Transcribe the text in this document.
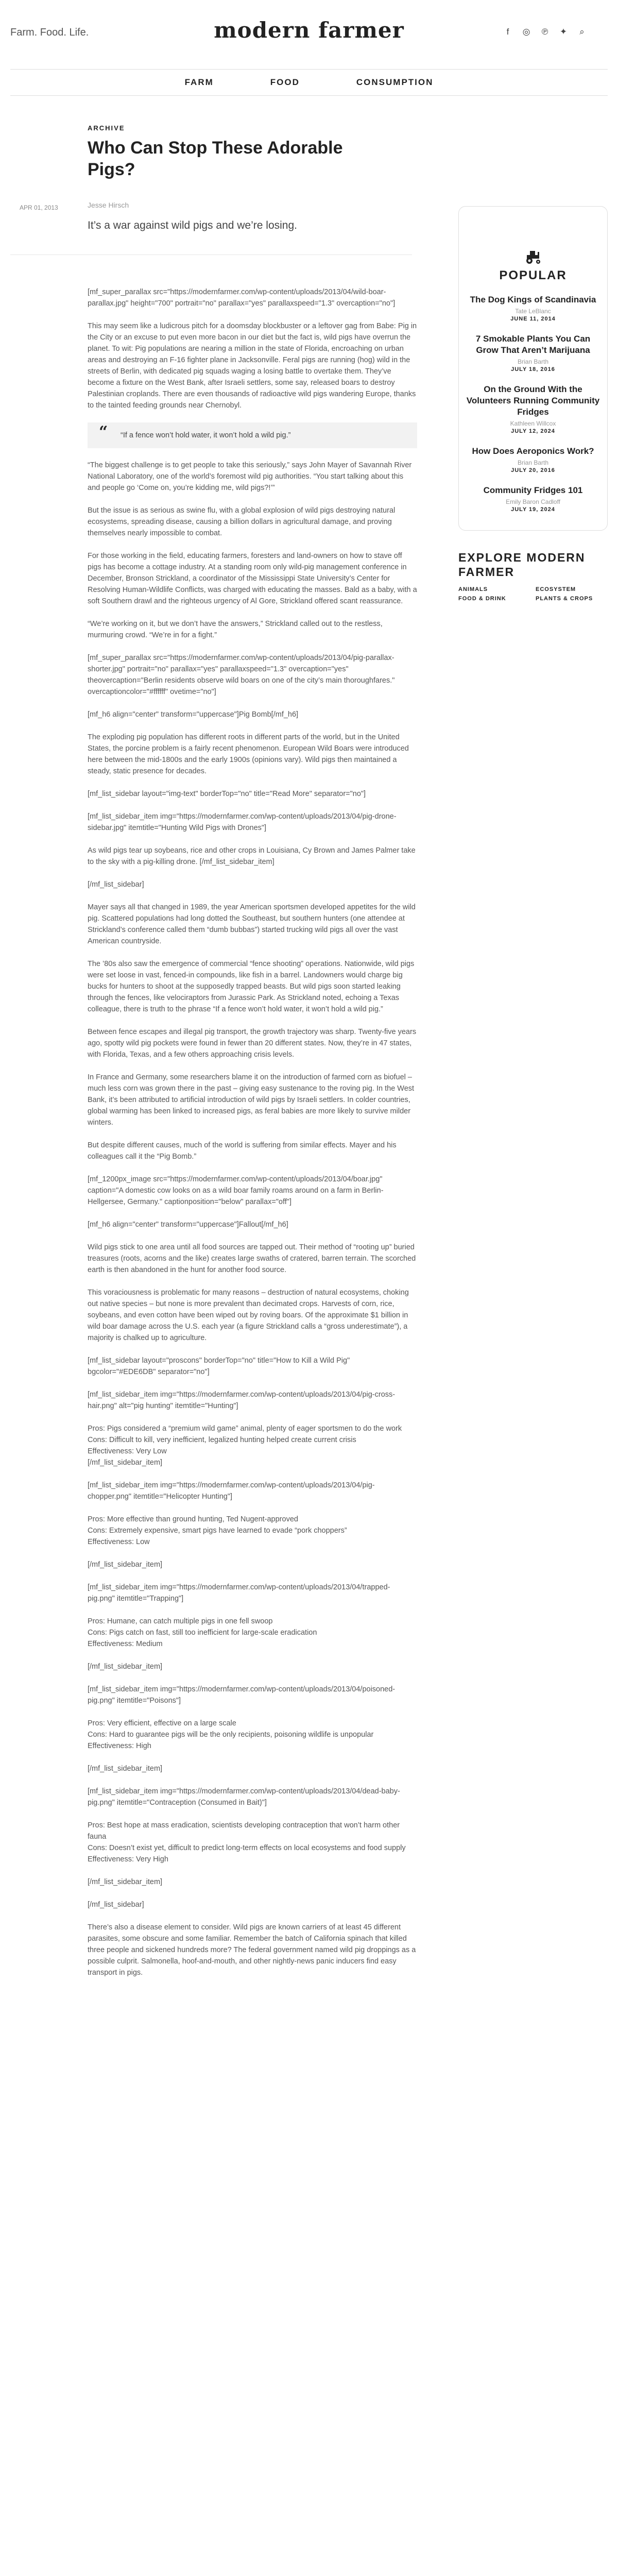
Farm. Food. Life.	modern farmer	f	◎ ℗ ✦	⌕
FARM	FOOD	CONSUMPTION
ARCHIVE
Who Can Stop These Adorable Pigs?
APR 01, 2013	Jesse Hirsch
It’s a war against wild pigs and we’re losing.

[mf_super_parallax src="https://modernfarmer.com/wp-content/uploads/2013/04/wild-boar-parallax.jpg" height="700" portrait="no" parallax="yes" parallaxspeed="1.3" overcaption="no"]

This may seem like a ludicrous pitch for a doomsday blockbuster or a leftover gag from Babe: Pig in the City or an excuse to put even more bacon in our diet but the fact is, wild pigs have overrun the planet. To wit: Pig populations are nearing a million in the state of Florida, encroaching on urban areas and destroying an F-16 fighter plane in Jacksonville. Feral pigs are running (hog) wild in the streets of Berlin, with dedicated pig squads waging a losing battle to overtake them. They’ve become a fixture on the West Bank, after Israeli settlers, some say, released boars to destroy Palestinian croplands. There are even thousands of radioactive wild pigs wandering Europe, thanks to the tainted feeding grounds near Chernobyl.

“ “If a fence won’t hold water, it won’t hold a wild pig.”

“The biggest challenge is to get people to take this seriously,” says John Mayer of Savannah River National Laboratory, one of the world’s foremost wild pig authorities. “You start talking about this and people go ‘Come on, you’re kidding me, wild pigs?!’”

But the issue is as serious as swine flu, with a global explosion of wild pigs destroying natural ecosystems, spreading disease, causing a billion dollars in agricultural damage, and proving themselves nearly impossible to combat.

For those working in the field, educating farmers, foresters and land-owners on how to stave off pigs has become a cottage industry. At a standing room only wild-pig management conference in December, Bronson Strickland, a coordinator of the Mississippi State University’s Center for Resolving Human-Wildlife Conflicts, was charged with educating the masses. Bald as a baby, with a soft Southern drawl and the righteous urgency of Al Gore, Strickland offered scant reassurance.

“We’re working on it, but we don’t have the answers,” Strickland called out to the restless, murmuring crowd. “We’re in for a fight.”

[mf_super_parallax src="https://modernfarmer.com/wp-content/uploads/2013/04/pig-parallax-shorter.jpg" portrait="no" parallax="yes" parallaxspeed="1.3" overcaption="yes" theovercaption="Berlin residents observe wild boars on one of the city’s main thoroughfares." overcaptioncolor="#ffffff" ovetime="no"]

[mf_h6 align="center" transform="uppercase"]Pig Bomb[/mf_h6]

The exploding pig population has different roots in different parts of the world, but in the United States, the porcine problem is a fairly recent phenomenon. European Wild Boars were introduced here between the mid-1800s and the early 1900s (opinions vary). Wild pigs then maintained a steady, static presence for decades.

[mf_list_sidebar layout="img-text" borderTop="no" title="Read More" separator="no"]

[mf_list_sidebar_item img="https://modernfarmer.com/wp-content/uploads/2013/04/pig-drone-sidebar.jpg" itemtitle="Hunting Wild Pigs with Drones"]

As wild pigs tear up soybeans, rice and other crops in Louisiana, Cy Brown and James Palmer take to the sky with a pig-killing drone. [/mf_list_sidebar_item]

[/mf_list_sidebar]

Mayer says all that changed in 1989, the year American sportsmen developed appetites for the wild pig. Scattered populations had long dotted the Southeast, but southern hunters (one attendee at Strickland’s conference called them “dumb bubbas”) started trucking wild pigs all over the vast American countryside.

The ’80s also saw the emergence of commercial “fence shooting” operations. Nationwide, wild pigs were set loose in vast, fenced-in compounds, like fish in a barrel. Landowners would charge big bucks for hunters to shoot at the supposedly trapped beasts. But wild pigs soon started leaking through the fences, like velociraptors from Jurassic Park. As Strickland noted, echoing a Texas colleague, there is truth to the phrase “If a fence won’t hold water, it won’t hold a wild pig.”

Between fence escapes and illegal pig transport, the growth trajectory was sharp. Twenty-five years ago, spotty wild pig pockets were found in fewer than 20 different states. Now, they’re in 47 states, with Florida, Texas, and a few others approaching crisis levels.

In France and Germany, some researchers blame it on the introduction of farmed corn as biofuel – much less corn was grown there in the past – giving easy sustenance to the roving pig. In the West Bank, it’s been attributed to artificial introduction of wild pigs by Israeli settlers. In colder countries, global warming has been linked to increased pigs, as feral babies are more likely to survive milder winters.

But despite different causes, much of the world is suffering from similar effects. Mayer and his colleagues call it the “Pig Bomb.”

[mf_1200px_image src="https://modernfarmer.com/wp-content/uploads/2013/04/boar.jpg" caption="A domestic cow looks on as a wild boar family roams around on a farm in Berlin-Hellgersee, Germany." captionposition="below" parallax="off"]

[mf_h6 align="center" transform="uppercase"]Fallout[/mf_h6]

Wild pigs stick to one area until all food sources are tapped out. Their method of “rooting up” buried treasures (roots, acorns and the like) creates large swaths of cratered, barren terrain. The scorched earth is then abandoned in the hunt for another food source.

This voraciousness is problematic for many reasons – destruction of natural ecosystems, choking out native species – but none is more prevalent than decimated crops. Harvests of corn, rice, soybeans, and even cotton have been wiped out by roving boars. Of the approximate $1 billion in wild boar damage across the U.S. each year (a figure Strickland calls a “gross underestimate”), a majority is chalked up to agriculture.

[mf_list_sidebar layout="proscons" borderTop="no" title="How to Kill a Wild Pig" bgcolor="#EDE6DB" separator="no"]

[mf_list_sidebar_item img="https://modernfarmer.com/wp-content/uploads/2013/04/pig-cross-hair.png" alt="pig hunting" itemtitle="Hunting"]

Pros: Pigs considered a “premium wild game” animal, plenty of eager sportsmen to do the work
Cons: Difficult to kill, very inefficient, legalized hunting helped create current crisis
Effectiveness: Very Low
[/mf_list_sidebar_item]

[mf_list_sidebar_item img="https://modernfarmer.com/wp-content/uploads/2013/04/pig-chopper.png" itemtitle="Helicopter Hunting"]

Pros: More effective than ground hunting, Ted Nugent-approved
Cons: Extremely expensive, smart pigs have learned to evade “pork choppers”
Effectiveness: Low

[/mf_list_sidebar_item]

[mf_list_sidebar_item img="https://modernfarmer.com/wp-content/uploads/2013/04/trapped-pig.png" itemtitle="Trapping"]

Pros: Humane, can catch multiple pigs in one fell swoop
Cons: Pigs catch on fast, still too inefficient for large-scale eradication
Effectiveness: Medium

[/mf_list_sidebar_item]

[mf_list_sidebar_item img="https://modernfarmer.com/wp-content/uploads/2013/04/poisoned-pig.png" itemtitle="Poisons"]

Pros: Very efficient, effective on a large scale
Cons: Hard to guarantee pigs will be the only recipients, poisoning wildlife is unpopular
Effectiveness: High

[/mf_list_sidebar_item]

[mf_list_sidebar_item img="https://modernfarmer.com/wp-content/uploads/2013/04/dead-baby-pig.png" itemtitle="Contraception (Consumed in Bait)"]

Pros: Best hope at mass eradication, scientists developing contraception that won’t harm other fauna
Cons: Doesn’t exist yet, difficult to predict long-term effects on local ecosystems and food supply
Effectiveness: Very High

[/mf_list_sidebar_item]

[/mf_list_sidebar]

There’s also a disease element to consider. Wild pigs are known carriers of at least 45 different parasites, some obscure and some familiar. Remember the batch of California spinach that killed three people and sickened hundreds more? The federal government named wild pig droppings as a possible culprit. Salmonella, hoof-and-mouth, and other nightly-news panic inducers find easy transport in pigs.

POPULAR
The Dog Kings of Scandinavia
Tate LeBlanc
JUNE 11, 2014
7 Smokable Plants You Can Grow That Aren’t Marijuana
Brian Barth
JULY 18, 2016
On the Ground With the Volunteers Running Community Fridges
Kathleen Willcox
JULY 12, 2024
How Does Aeroponics Work?
Brian Barth
JULY 20, 2016
Community Fridges 101
Emily Baron Cadloff
JULY 19, 2024
EXPLORE MODERN FARMER
ANIMALS	ECOSYSTEM
FOOD & DRINK	PLANTS & CROPS
